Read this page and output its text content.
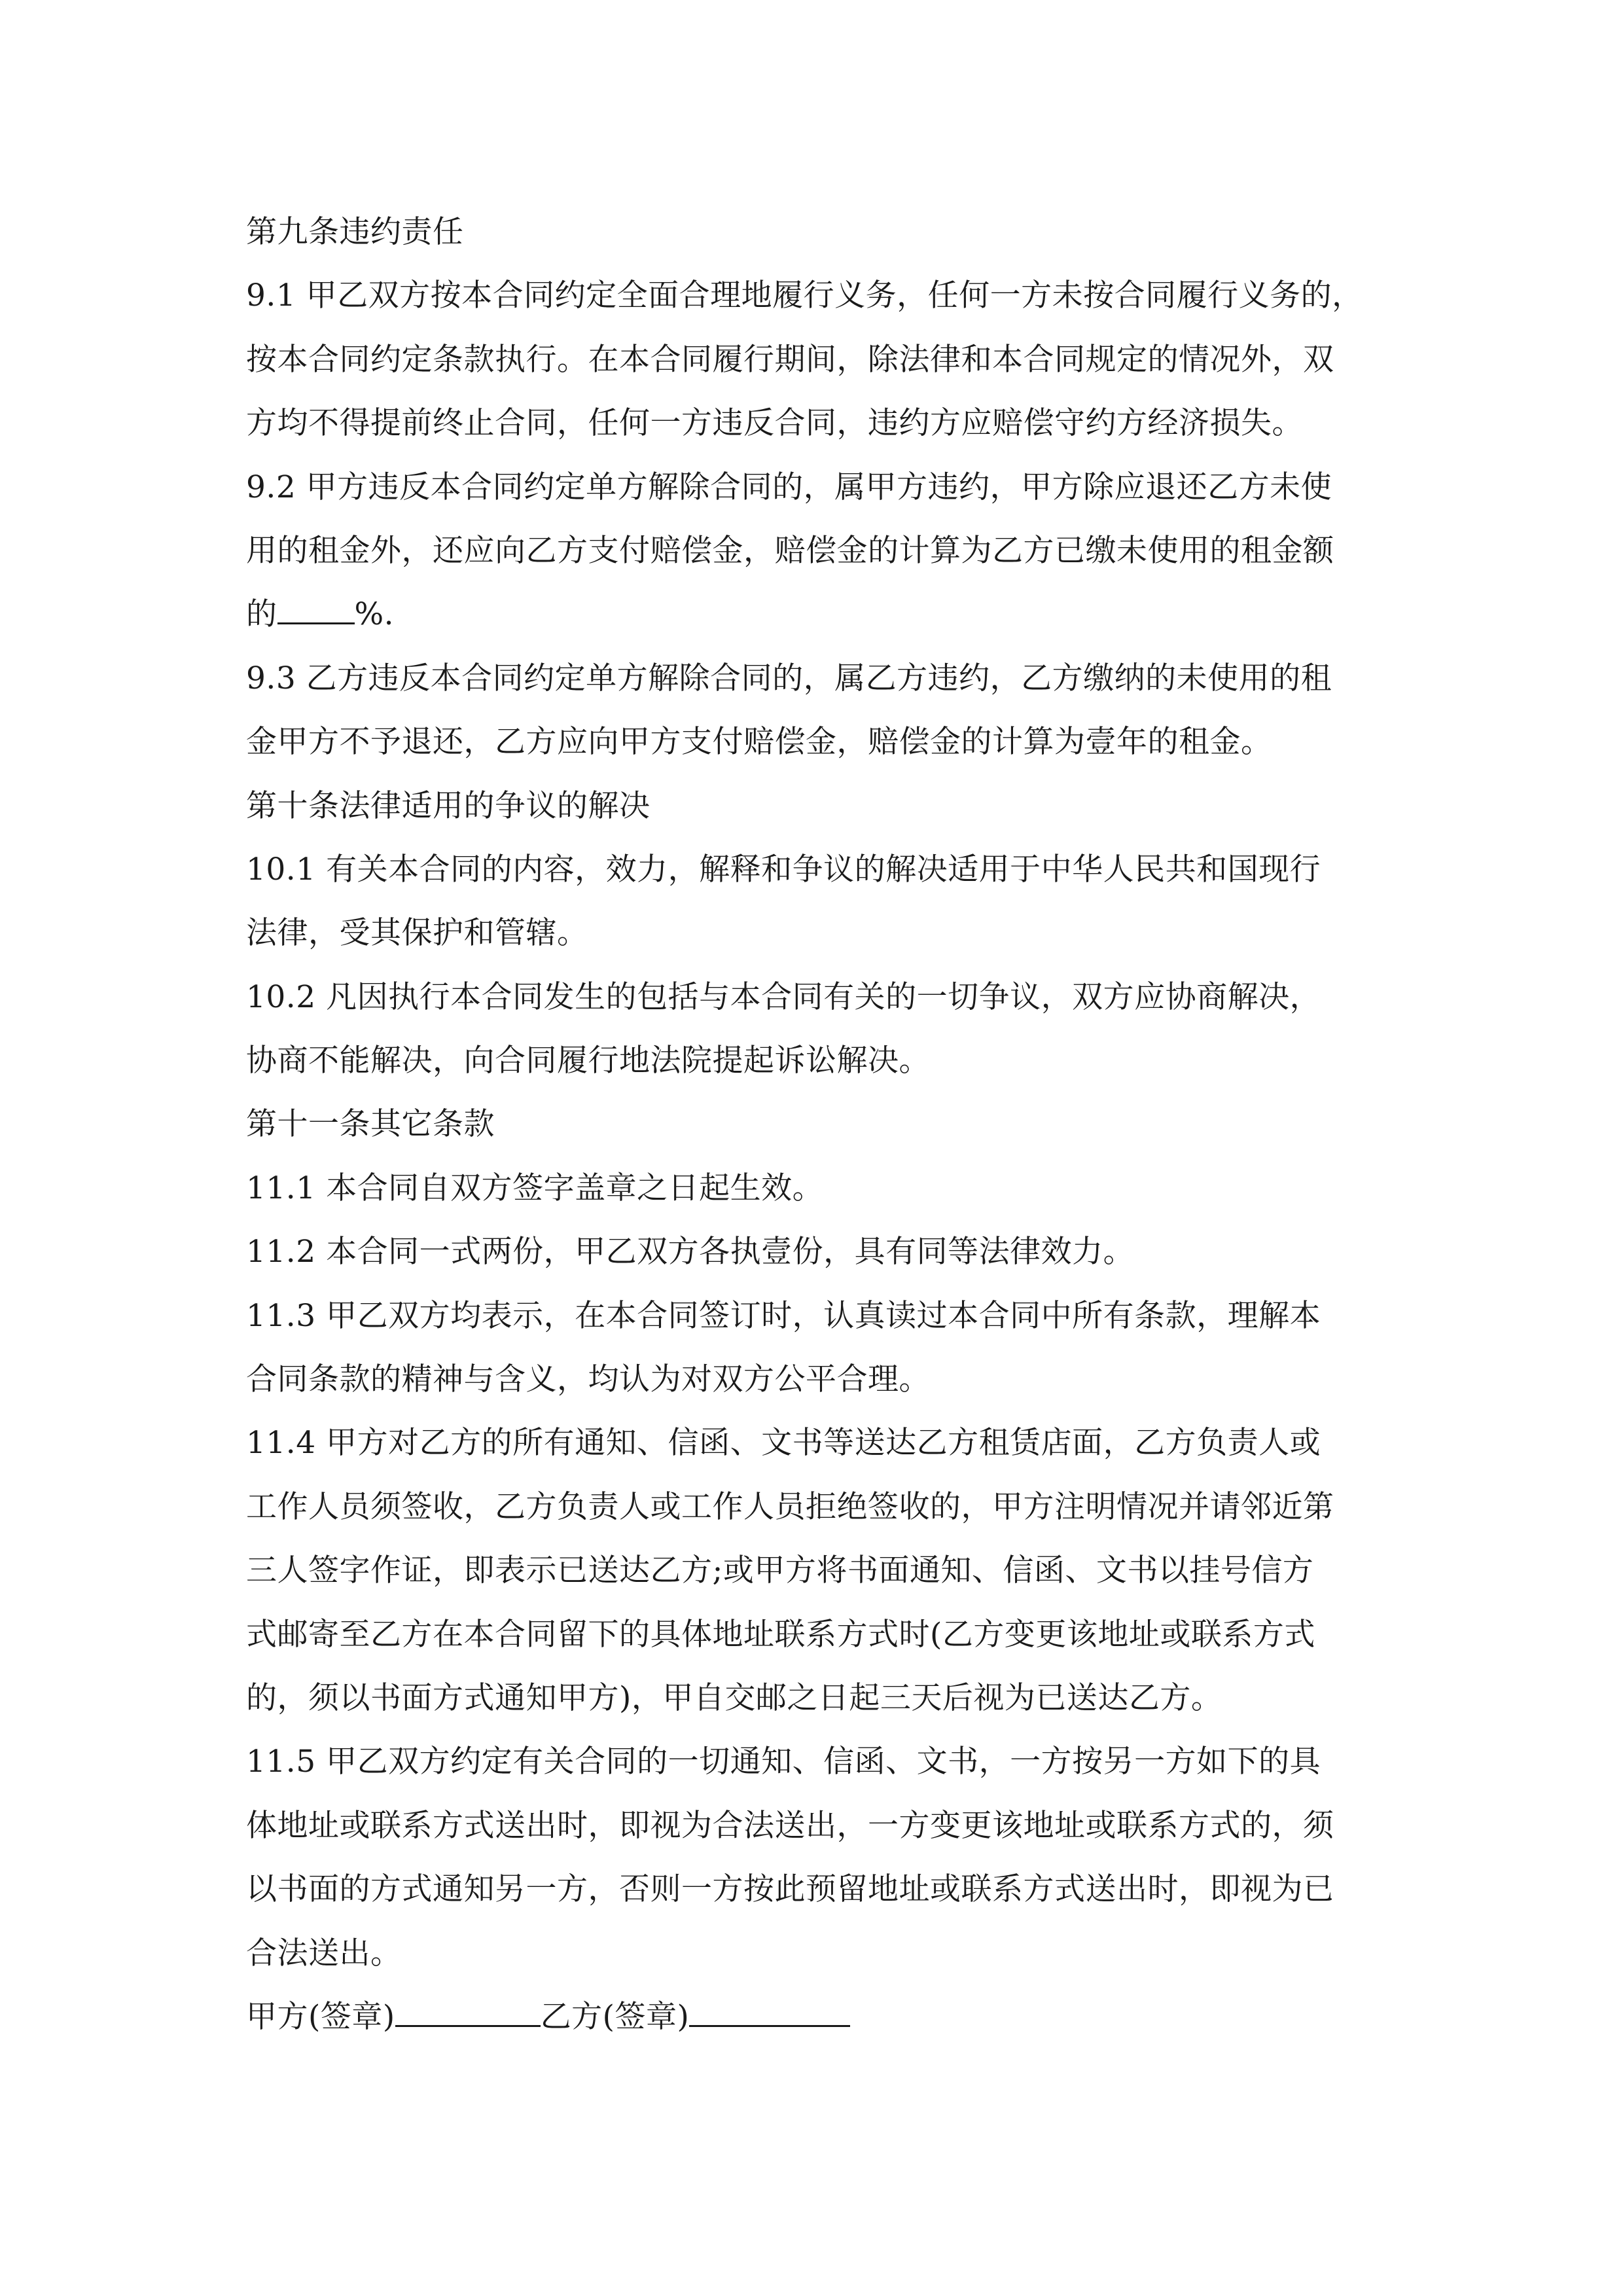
第九条违约责任
9.1 甲乙双方按本合同约定全面合理地履行义务，任何一方未按合同履行义务的，
按本合同约定条款执行。在本合同履行期间，除法律和本合同规定的情况外，双
方均不得提前终止合同，任何一方违反合同，违约方应赔偿守约方经济损失。
9.2 甲方违反本合同约定单方解除合同的，属甲方违约，甲方除应退还乙方未使
用的租金外，还应向乙方支付赔偿金，赔偿金的计算为乙方已缴未使用的租金额
的	%.
9.3 乙方违反本合同约定单方解除合同的，属乙方违约，乙方缴纳的未使用的租
金甲方不予退还，乙方应向甲方支付赔偿金，赔偿金的计算为壹年的租金。
第十条法律适用的争议的解决
10.1 有关本合同的内容，效力，解释和争议的解决适用于中华人民共和国现行
法律，受其保护和管辖。
10.2 凡因执行本合同发生的包括与本合同有关的一切争议，双方应协商解决，
协商不能解决，向合同履行地法院提起诉讼解决。
第十一条其它条款
11.1 本合同自双方签字盖章之日起生效。
11.2 本合同一式两份，甲乙双方各执壹份，具有同等法律效力。
11.3 甲乙双方均表示，在本合同签订时，认真读过本合同中所有条款，理解本
合同条款的精神与含义，均认为对双方公平合理。
11.4 甲方对乙方的所有通知、信函、文书等送达乙方租赁店面，乙方负责人或
工作人员须签收，乙方负责人或工作人员拒绝签收的，甲方注明情况并请邻近第
三人签字作证，即表示已送达乙方;或甲方将书面通知、信函、文书以挂号信方
式邮寄至乙方在本合同留下的具体地址联系方式时(乙方变更该地址或联系方式
的，须以书面方式通知甲方)，甲自交邮之日起三天后视为已送达乙方。
11.5 甲乙双方约定有关合同的一切通知、信函、文书，一方按另一方如下的具
体地址或联系方式送出时，即视为合法送出，一方变更该地址或联系方式的，须
以书面的方式通知另一方，否则一方按此预留地址或联系方式送出时，即视为已
合法送出。
甲方(签章)	乙方(签章)
